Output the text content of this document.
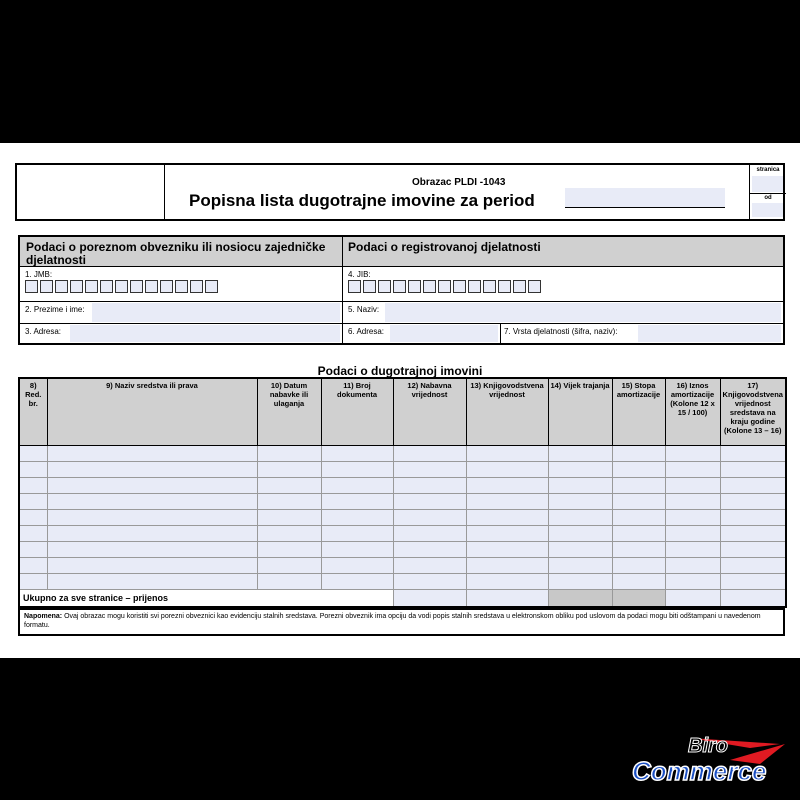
Obrazac PLDI -1043
Popisna lista dugotrajne imovine za period
stranica
od
Podaci o poreznom obvezniku ili nosiocu zajedničke djelatnosti
Podaci o registrovanoj djelatnosti
1. JMB:	4. JIB:
2. Prezime i ime:	5. Naziv:
3. Adresa:	6. Adresa:	7. Vrsta djelatnosti (šifra, naziv):
Podaci o dugotrajnoj imovini
8) Red. br.	9) Naziv sredstva ili prava	10) Datum nabavke ili ulaganja	11) Broj dokumenta	12) Nabavna vrijednost	13) Knjigovodstvena vrijednost	14) Vijek trajanja	15) Stopa amortizacije	16) Iznos amortizacije (Kolone 12 x 15 / 100)	17) Knjigovodstvena vrijednost sredstava na kraju godine (Kolone 13 – 16)

Ukupno za sve stranice – prijenos									
Napomena: Ovaj obrazac mogu koristiti svi porezni obveznici kao evidenciju stalnih sredstava. Porezni obveznik ima opciju da vodi popis stalnih sredstava u elektronskom obliku pod uslovom da podaci mogu biti odštampani u navedenom formatu.
Biro
Commerce
